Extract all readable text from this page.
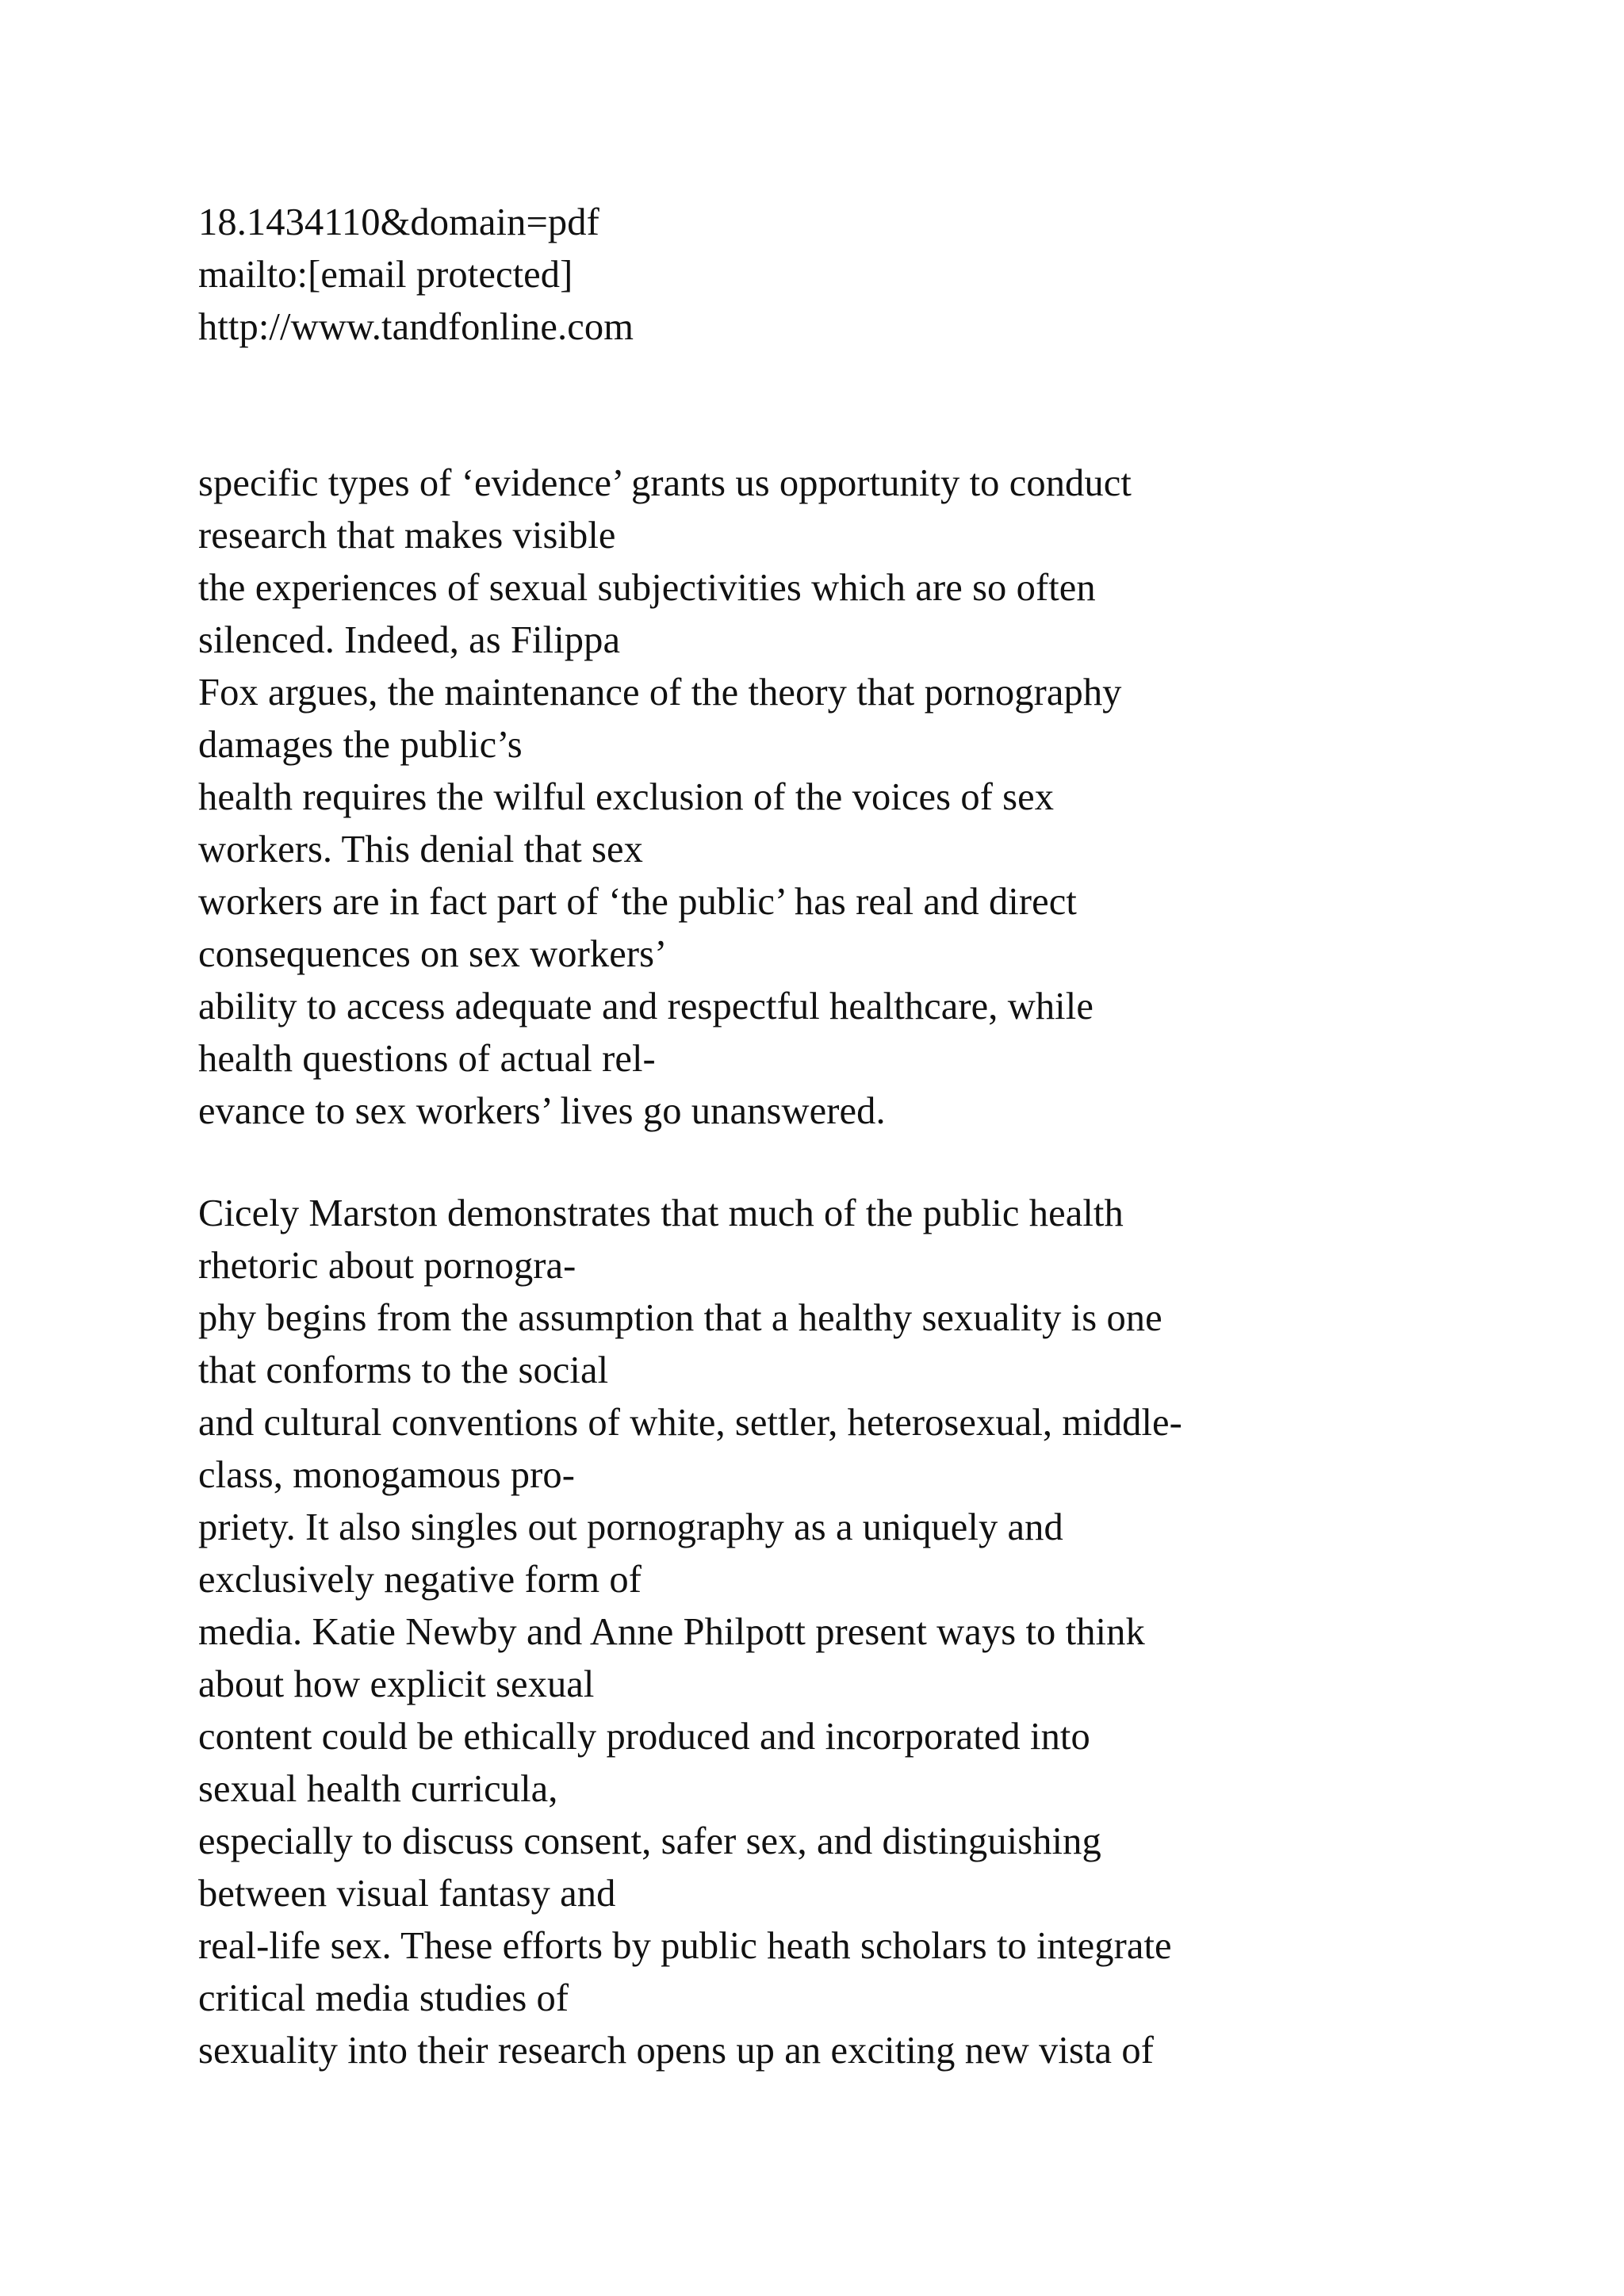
18.1434110&domain=pdf
mailto:[email protected]
http://www.tandfonline.com
specific types of ‘evidence’ grants us opportunity to conduct
research that makes visible
the experiences of sexual subjectivities which are so often
silenced. Indeed, as Filippa
Fox argues, the maintenance of the theory that pornography
damages the public’s
health requires the wilful exclusion of the voices of sex
workers. This denial that sex
workers are in fact part of ‘the public’ has real and direct
consequences on sex workers’
ability to access adequate and respectful healthcare, while
health questions of actual rel-
evance to sex workers’ lives go unanswered.
Cicely Marston demonstrates that much of the public health
rhetoric about pornogra-
phy begins from the assumption that a healthy sexuality is one
that conforms to the social
and cultural conventions of white, settler, heterosexual, middle-
class, monogamous pro-
priety. It also singles out pornography as a uniquely and
exclusively negative form of
media. Katie Newby and Anne Philpott present ways to think
about how explicit sexual
content could be ethically produced and incorporated into
sexual health curricula,
especially to discuss consent, safer sex, and distinguishing
between visual fantasy and
real-life sex. These efforts by public heath scholars to integrate
critical media studies of
sexuality into their research opens up an exciting new vista of
